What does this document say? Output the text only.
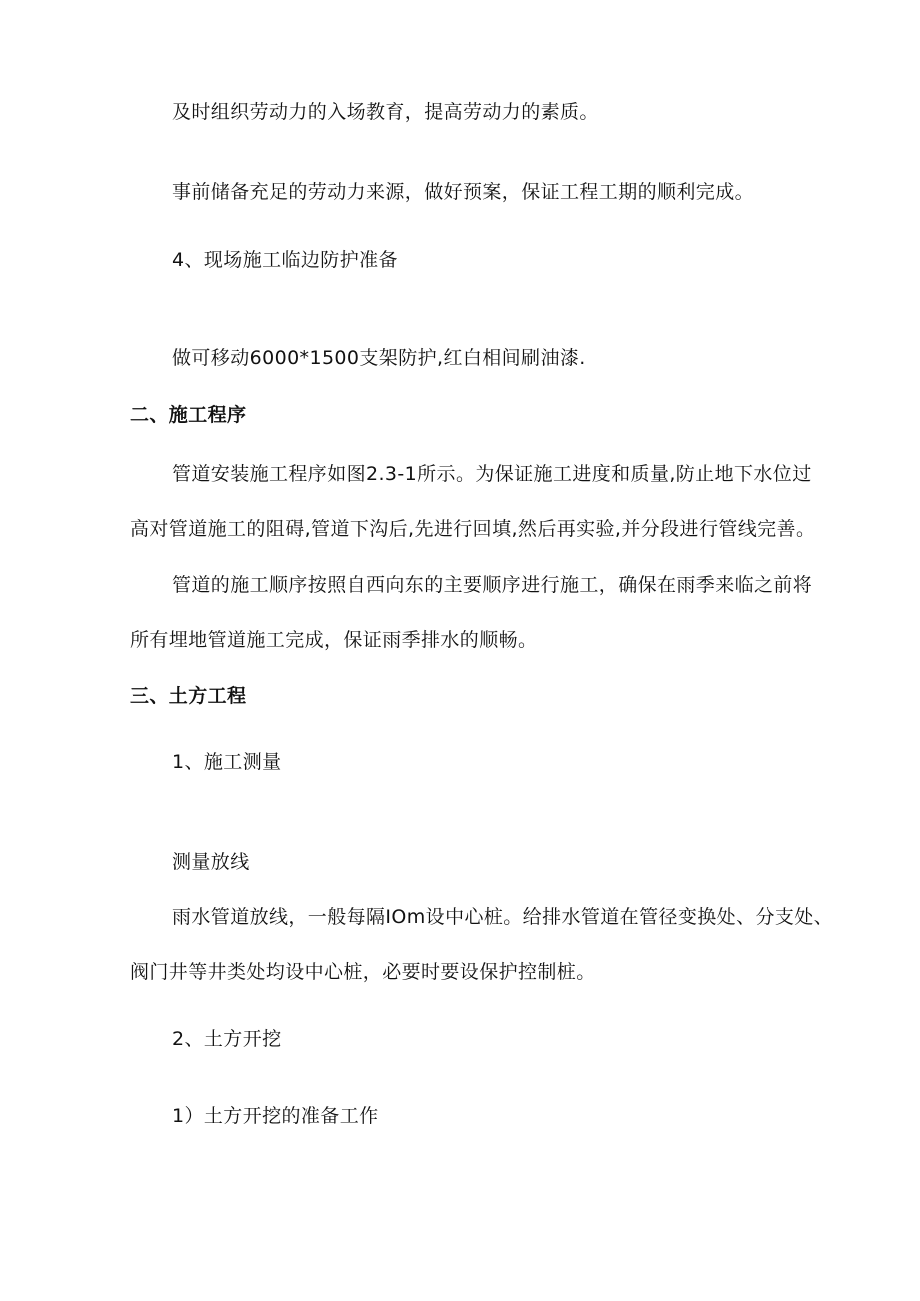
及时组织劳动力的入场教育，提高劳动力的素质。

事前储备充足的劳动力来源，做好预案，保证工程工期的顺利完成。

4、现场施工临边防护准备

做可移动6000*1500支架防护,红白相间刷油漆.

二、施工程序

管道安装施工程序如图2.3-1所示。为保证施工进度和质量,防止地下水位过

高对管道施工的阻碍,管道下沟后,先进行回填,然后再实验,并分段进行管线完善。

管道的施工顺序按照自西向东的主要顺序进行施工，确保在雨季来临之前将

所有埋地管道施工完成，保证雨季排水的顺畅。

三、土方工程

1、施工测量

测量放线

雨水管道放线，一般每隔IOm设中心桩。给排水管道在管径变换处、分支处、

阀门井等井类处均设中心桩，必要时要设保护控制桩。

2、土方开挖

1）土方开挖的准备工作
